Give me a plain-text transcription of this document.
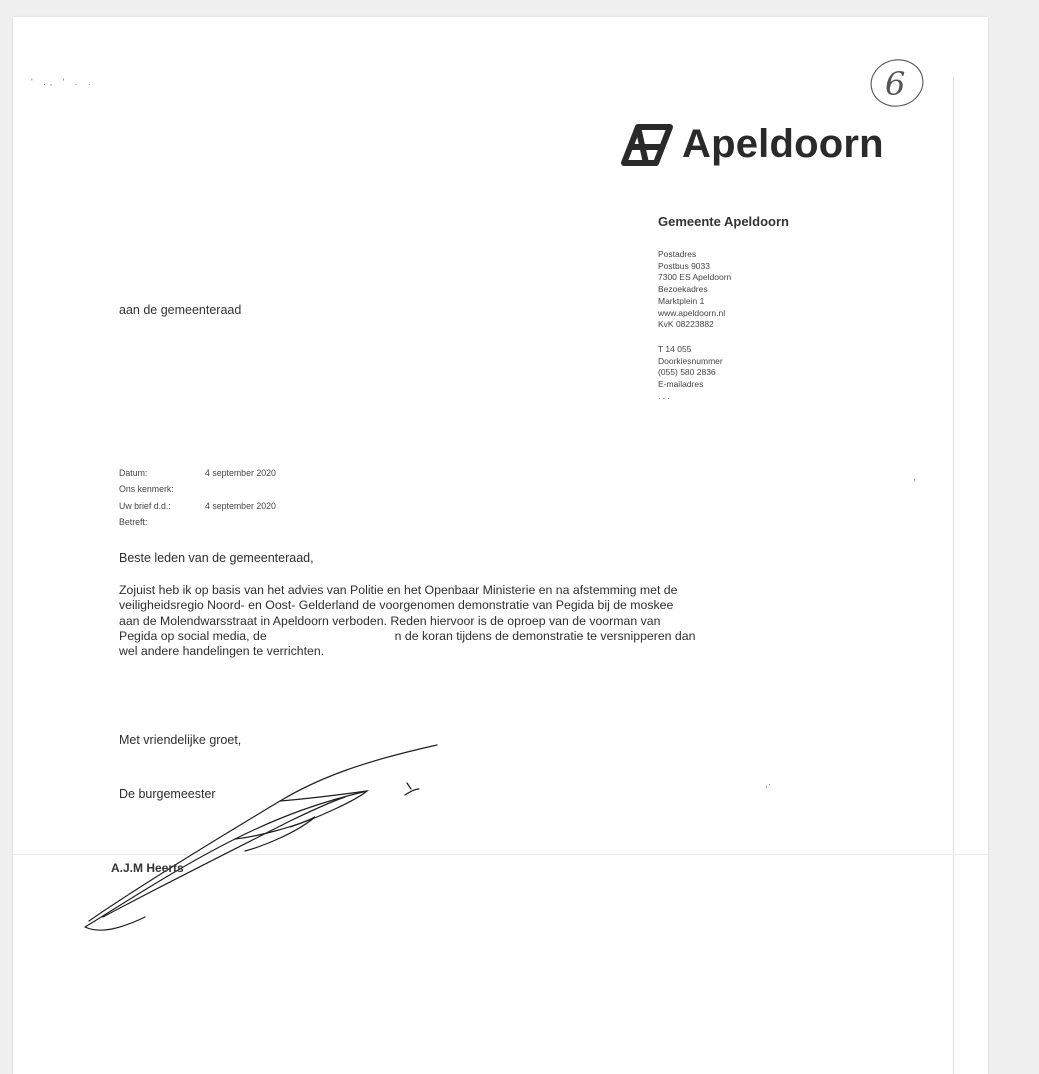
' ., ' . .
,
,·
6
Apeldoorn
Gemeente Apeldoorn
Postadres
Postbus 9033
7300 ES Apeldoorn
Bezoekadres
Marktplein 1
www.apeldoorn.nl
KvK 08223882
T 14 055
Doorkiesnummer
(055) 580 2836
E-mailadres
. . .
aan de gemeenteraad
Datum:	4 september 2020
Ons kenmerk:
Uw brief d.d.:	4 september 2020
Betreft:
Beste leden van de gemeenteraad,
Zojuist heb ik op basis van het advies van Politie en het Openbaar Ministerie en na afstemming met de
veiligheidsregio Noord- en Oost- Gelderland de voorgenomen demonstratie van Pegida bij de moskee
aan de Molendwarsstraat in Apeldoorn verboden. Reden hiervoor is de oproep van de voorman van
Pegida op social media, de	n de koran tijdens de demonstratie te versnipperen dan
wel andere handelingen te verrichten.
Met vriendelijke groet,
De burgemeester
A.J.M Heerts
